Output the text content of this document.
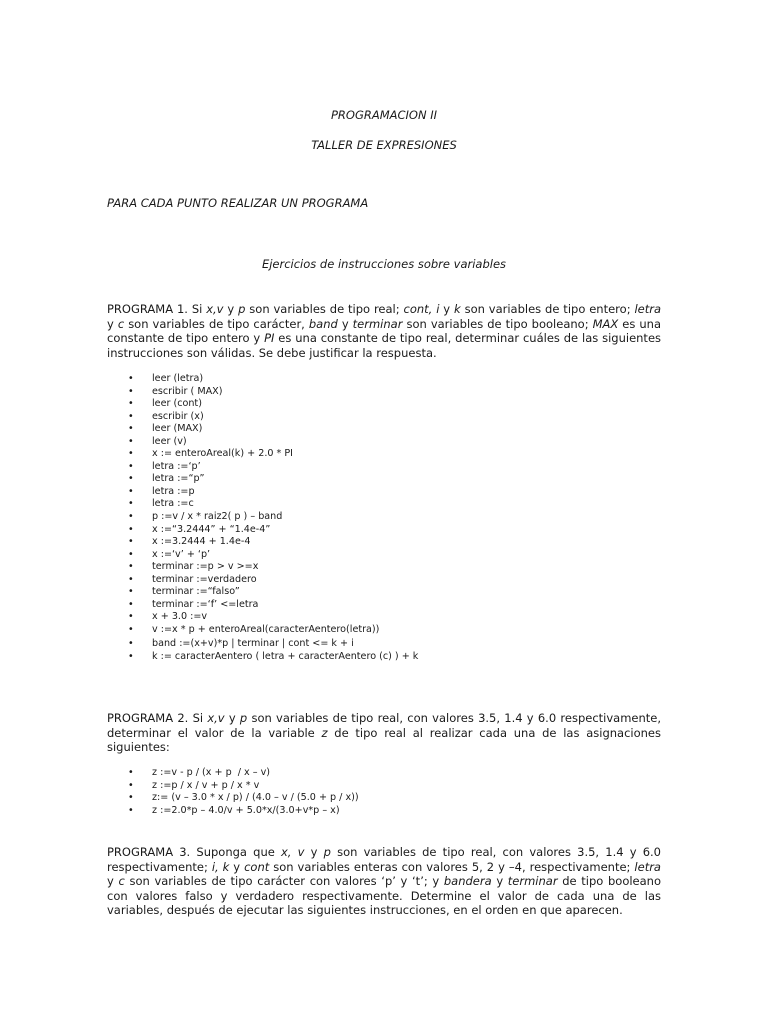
PROGRAMACION II
TALLER DE EXPRESIONES
PARA CADA PUNTO REALIZAR UN PROGRAMA
Ejercicios de instrucciones sobre variables
PROGRAMA 1. Si x,v y p son variables de tipo real; cont, i y k son variables de tipo entero; letra y c son variables de tipo carácter, band y terminar son variables de tipo booleano; MAX es una constante de tipo entero y PI es una constante de tipo real, determinar cuáles de las siguientes instrucciones son válidas. Se debe justificar la respuesta.
• leer (letra)
• escribir ( MAX)
• leer (cont)
• escribir (x)
• leer (MAX)
• leer (v)
• x := enteroAreal(k) + 2.0 * PI
• letra :=‘p’
• letra :=“p”
• letra :=p
• letra :=c
• p :=v / x * raiz2( p ) – band
• x :=“3.2444” + “1.4e-4”
• x :=3.2444 + 1.4e-4
• x :=‘v’ + ‘p’
• terminar :=p > v >=x
• terminar :=verdadero
• terminar :=“falso”
• terminar :=‘f’ <=letra
• x + 3.0 :=v
• v :=x * p + enteroAreal(caracterAentero(letra))
• band :=(x+v)*p | terminar | cont <= k + i
• k := caracterAentero ( letra + caracterAentero (c) ) + k
PROGRAMA 2. Si x,v y p son variables de tipo real, con valores 3.5, 1.4 y 6.0 respectivamente, determinar el valor de la variable z de tipo real al realizar cada una de las asignaciones siguientes:
• z :=v - p / (x + p  / x – v)
• z :=p / x / v + p / x * v
• z:= (v – 3.0 * x / p) / (4.0 – v / (5.0 + p / x))
• z :=2.0*p – 4.0/v + 5.0*x/(3.0+v*p – x)
PROGRAMA 3. Suponga que x, v y p son variables de tipo real, con valores 3.5, 1.4 y 6.0 respectivamente; i, k y cont son variables enteras con valores 5, 2 y –4, respectivamente; letra y c son variables de tipo carácter con valores ‘p’ y ‘t’; y bandera y terminar de tipo booleano con valores falso y verdadero respectivamente. Determine el valor de cada una de las variables, después de ejecutar las siguientes instrucciones, en el orden en que aparecen.
